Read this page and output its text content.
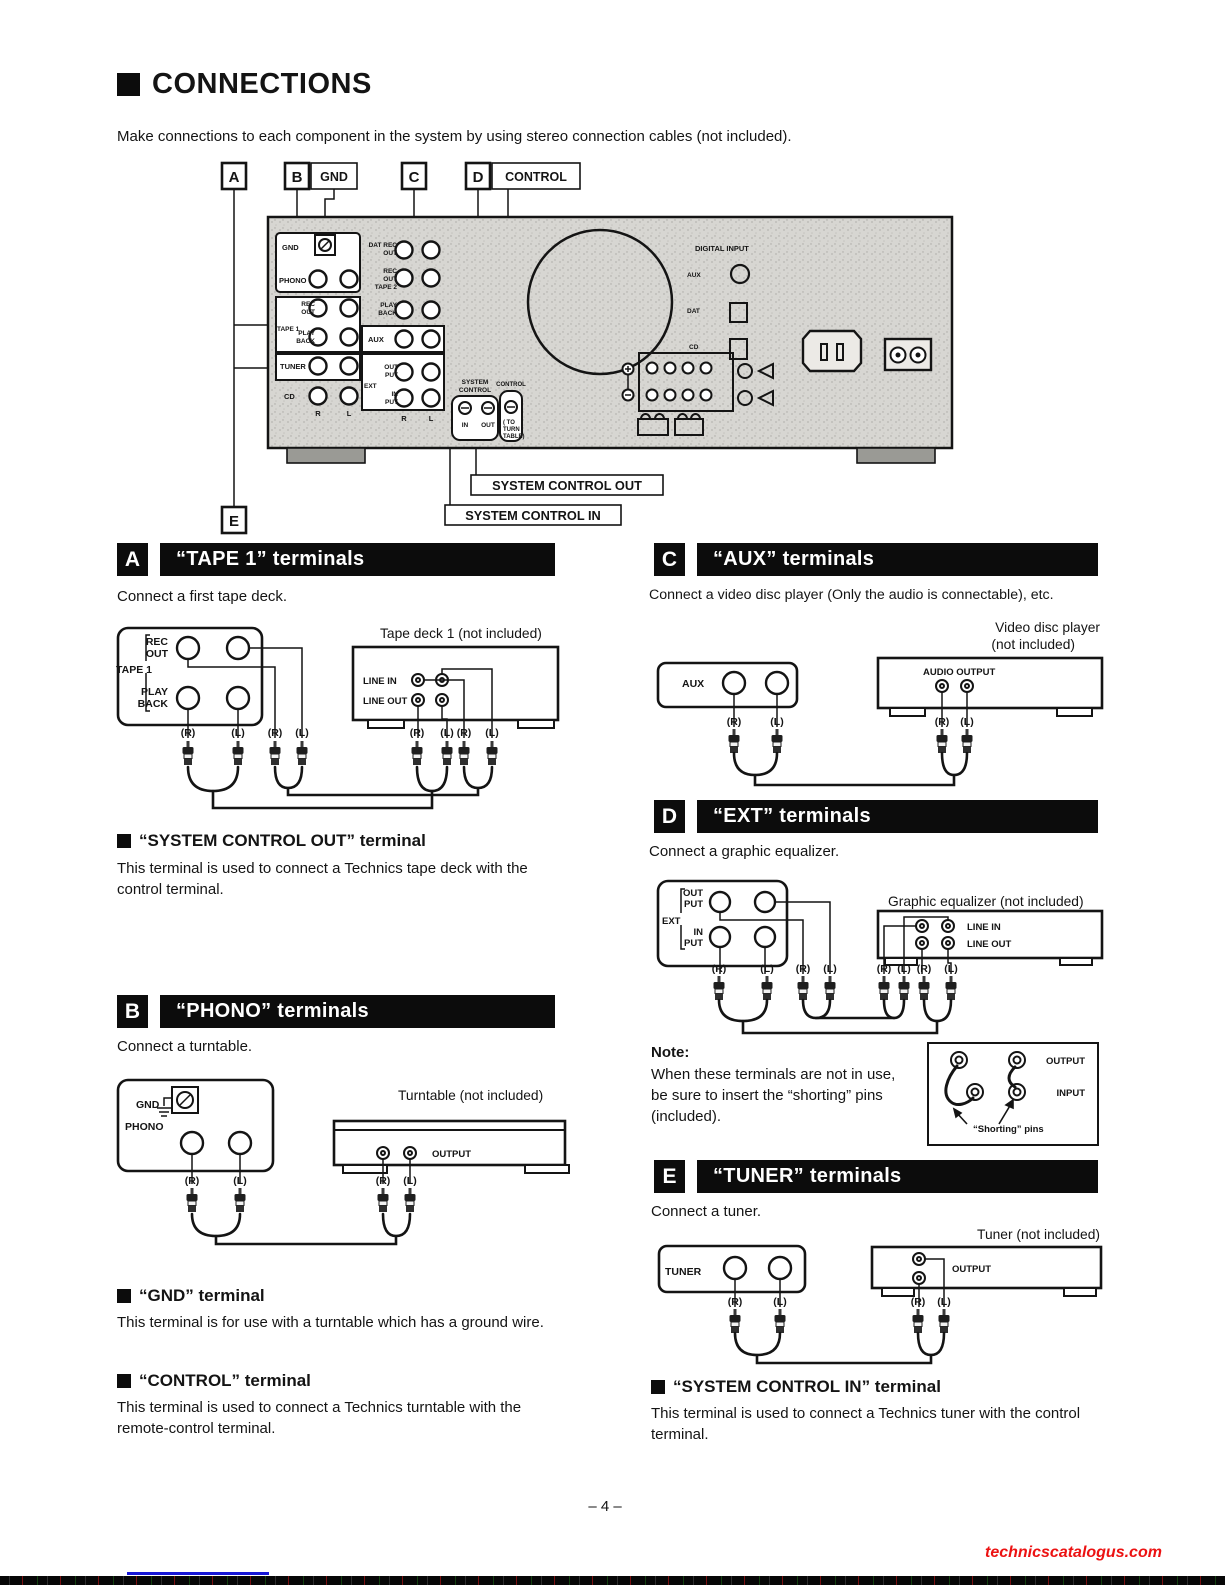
CONNECTIONS
Make connections to each component in the system by using stereo connection cables (not included).
A	B GND	C	D CONTROL
E
GND
PHONO
REC
OUT
TAPE 1
PLAY
BACK
TUNER
CD
R	L
DAT REC
OUT
REC
OUT
TAPE 2
PLAY
BACK
AUX
OUT
PUT
EXT
IN
PUT
R	L
SYSTEM
CONTROL
IN OUT
CONTROL
( TO
TURN
TABLE)
DIGITAL INPUT
AUX
DAT
CD
SYSTEM CONTROL OUT
SYSTEM CONTROL IN
A	“TAPE 1” terminals
Connect a first tape deck.
Tape deck 1 (not included)
REC
OUT
TAPE 1
PLAY
BACK
LINE IN
LINE OUT
(R)	(L) (R) (L)	(R) (L) (R) (L)
“SYSTEM CONTROL OUT” terminal
This terminal is used to connect a Technics tape deck with the control terminal.
B	“PHONO” terminals
Connect a turntable.
Turntable (not included)
GND
PHONO
OUTPUT
(R)	(L)	(R) (L)
“GND” terminal
This terminal is for use with a turntable which has a ground wire.
“CONTROL” terminal
This terminal is used to connect a Technics turntable with the remote-control terminal.
C	“AUX” terminals
Connect a video disc player (Only the audio is connectable), etc.
Video disc player
(not included)
AUX
AUDIO OUTPUT
(R)	(L)	(R) (L)
D	“EXT” terminals
Connect a graphic equalizer.
OUT
PUT
EXT
IN
PUT
Graphic equalizer (not included)
LINE IN
LINE OUT
(R)	(L) (R) (L)	(R) (L) (R) (L)
Note:
When these terminals are not in use,
be sure to insert the “shorting” pins
(included).
OUTPUT
INPUT
“Shorting” pins
E	“TUNER” terminals
Connect a tuner.
Tuner (not included)
TUNER	OUTPUT
(R)	(L)	(R) (L)
“SYSTEM CONTROL IN” terminal
This terminal is used to connect a Technics tuner with the control terminal.
– 4 –
technicscatalogus.com
